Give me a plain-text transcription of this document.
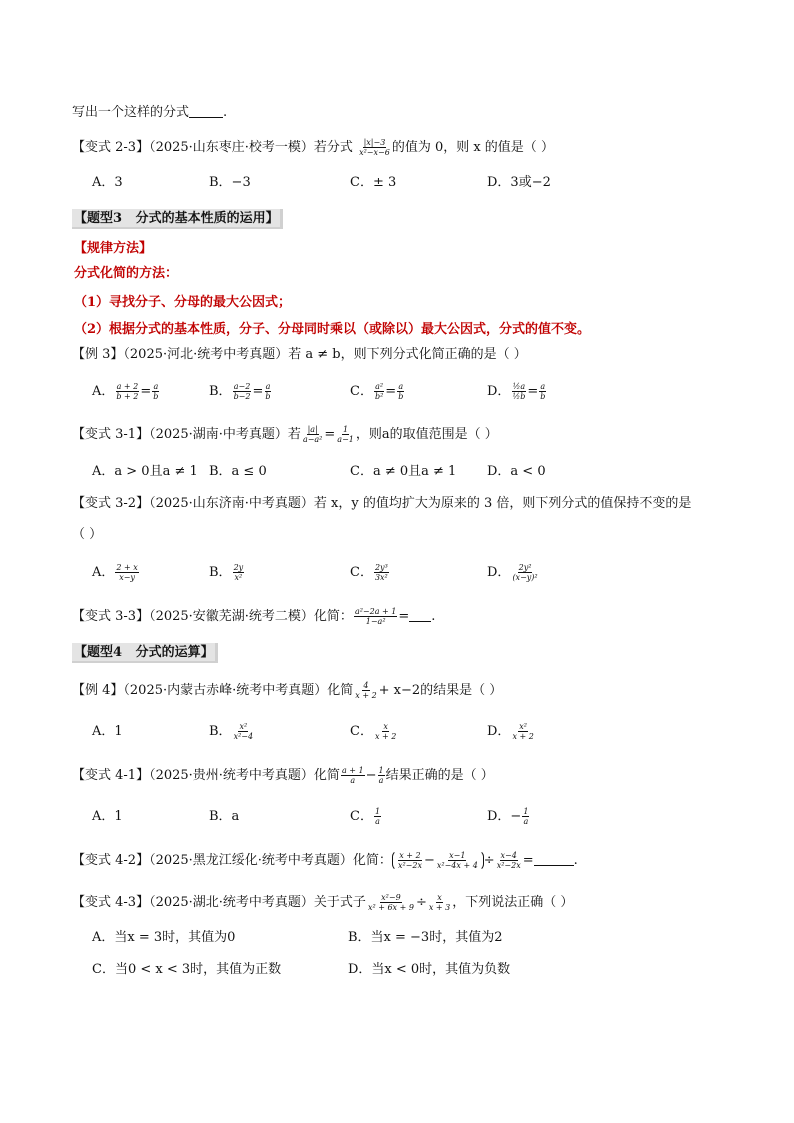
写出一个这样的分式	.
【变式 2-3】（2025·山东枣庄·校考一模）若分式 $\frac{|x|-3}{\text{x²−x−6}}$ 的值为 0，则 x 的值是（ ）
A．3	B．−3	C．± 3	D．3或−2
【题型3   分式的基本性质的运用】
【规律方法】
分式化简的方法：
（1）寻找分子、分母的最大公因式；
（2）根据分式的基本性质，分子、分母同时乘以（或除以）最大公因式，分式的值不变。
【例 3】（2025·河北·统考中考真题）若 a ≠ b，则下列分式化简正确的是（ ）
A． $\frac{a + 2}{b + 2} = \frac{a}{b}$	B． $\frac{a-2}{b-2} = \frac{a}{b}$	C． $\frac{\text{a²}}{\text{b²}} = \frac{a}{b}$	D． $\frac{\text{½a}}{\text{½b}} = \frac{a}{b}$
【变式 3-1】（2025·湖南·中考真题）若 $\frac{|a|}{\text{a−a²}} = \frac{1}{a-1}$ ，则a的取值范围是（ ）
A．a > 0且a ≠ 1 B．a ≤ 0	C．a ≠ 0且a ≠ 1 D．a < 0
【变式 3-2】（2025·山东济南·中考真题）若 x，y 的值均扩大为原来的 3 倍，则下列分式的值保持不变的是
（ ）
A． $\frac{2 + x}{x-y}$	B． $\frac{2y}{\text{x²}}$	C． $\frac{\text{2y³}}{\text{3x²}}$	D． $\frac{\text{2y²}}{\text{(x−y)²}}$
【变式 3-3】（2025·安徽芜湖·统考二模）化简： $\frac{\text{a²−2a + 1}}{\text{1−a²}}$ = .
【题型4   分式的运算】
【例 4】（2025·内蒙古赤峰·统考中考真题）化简 $\frac{4}{x + 2} + x-2$的结果是（ ）
A．1	B． $\frac{\text{x²}}{\text{x²−4}}$	C． $\frac{x}{x + 2}$	D． $\frac{\text{x²}}{x + 2}$
【变式 4-1】（2025·贵州·统考中考真题）化简 $\frac{a + 1}{a} - \frac{1}{a}$ 结果正确的是（ ）
A．1	B．a	C． $\frac{1}{a}$	D．− $\frac{1}{a}$
【变式 4-2】（2025·黑龙江绥化·统考中考真题）化简： $\frac{x + 2}{\text{x²−2x}} - \frac{x-1}{\text{x²−4x + 4}} \div \frac{x-4}{\text{x²−2x}}$ =	.
【变式 4-3】（2025·湖北·统考中考真题）关于式子 $\frac{\text{x²−9}}{\text{x² + 6x + 9}} \div \frac{x}{x + 3}$ ，下列说法正确（ ）
A．当x = 3时，其值为0	B．当x = −3时，其值为2
C．当0 < x < 3时，其值为正数	D．当x < 0时，其值为负数
